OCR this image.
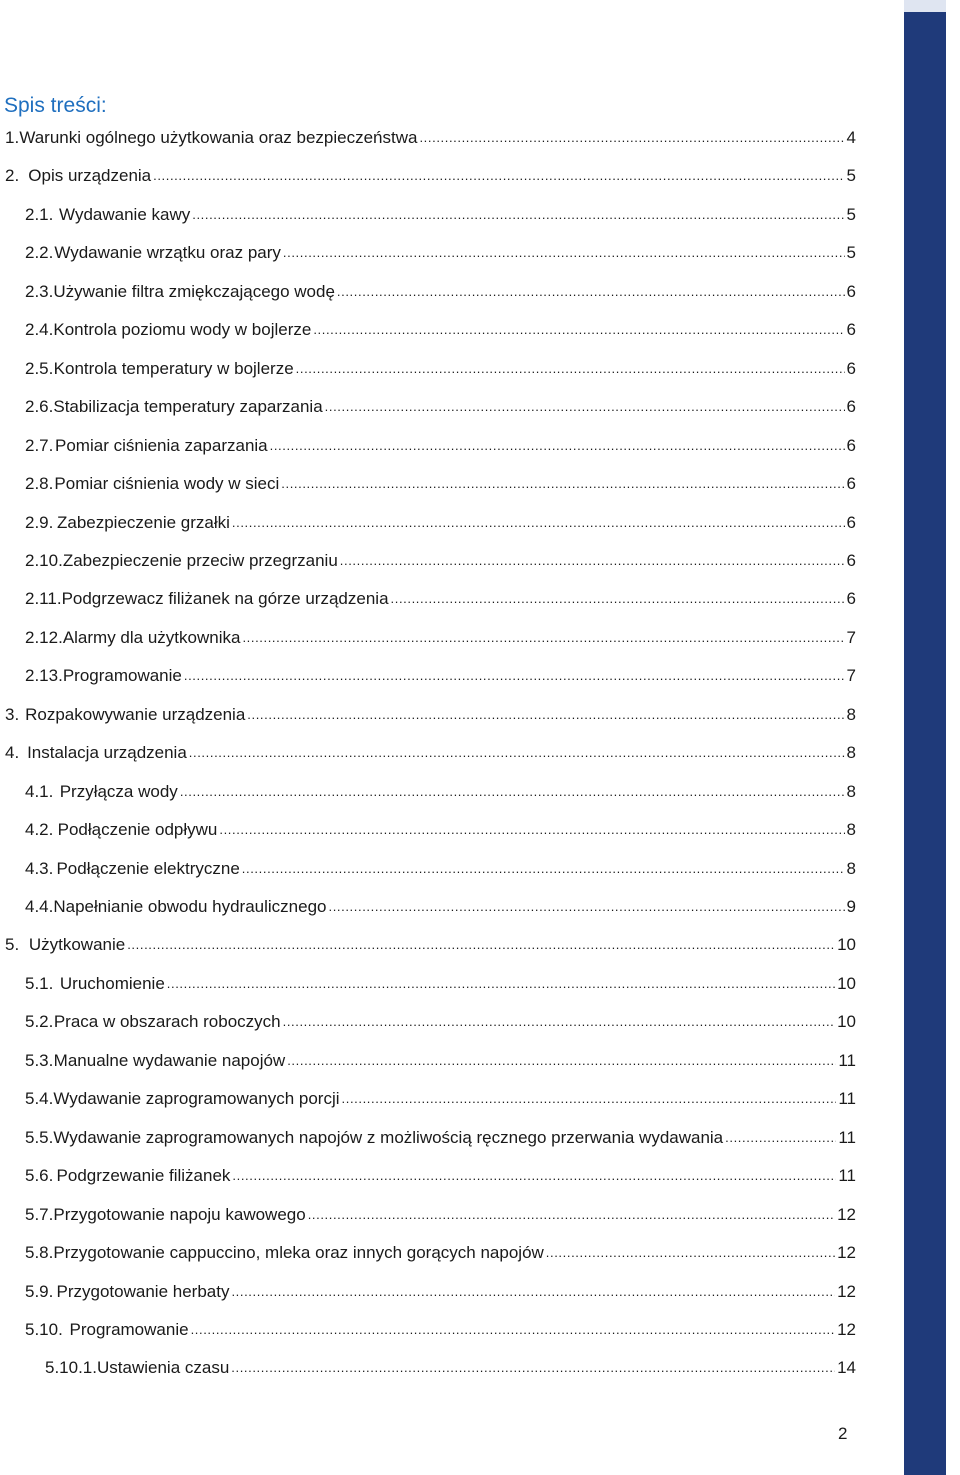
Spis treści:
1. Warunki ogólnego użytkowania oraz bezpieczeństwa .....	4
2. Opis urządzenia .....	5
2.1. Wydawanie kawy .....	5
2.2. Wydawanie wrzątku oraz pary .....	5
2.3. Używanie filtra zmiękczającego wodę .....	6
2.4. Kontrola poziomu wody w bojlerze .....	6
2.5. Kontrola temperatury w bojlerze .....	6
2.6. Stabilizacja temperatury zaparzania .....	6
2.7. Pomiar ciśnienia zaparzania .....	6
2.8. Pomiar ciśnienia wody w sieci .....	6
2.9. Zabezpieczenie grzałki .....	6
2.10. Zabezpieczenie przeciw przegrzaniu .....	6
2.11. Podgrzewacz filiżanek na górze urządzenia .....	6
2.12. Alarmy dla użytkownika .....	7
2.13. Programowanie .....	7
3. Rozpakowywanie urządzenia .....	8
4. Instalacja urządzenia .....	8
4.1. Przyłącza wody .....	8
4.2. Podłączenie odpływu .....	8
4.3. Podłączenie elektryczne .....	8
4.4. Napełnianie obwodu hydraulicznego .....	9
5. Użytkowanie .....	10
5.1. Uruchomienie .....	10
5.2. Praca w obszarach roboczych .....	10
5.3. Manualne wydawanie napojów .....	11
5.4. Wydawanie zaprogramowanych porcji .....	11
5.5. Wydawanie zaprogramowanych napojów z możliwością ręcznego przerwania wydawania .....	11
5.6. Podgrzewanie filiżanek .....	11
5.7. Przygotowanie napoju kawowego .....	12
5.8. Przygotowanie cappuccino, mleka oraz innych gorących napojów .....	12
5.9. Przygotowanie herbaty .....	12
5.10. Programowanie .....	12
5.10.1. Ustawienia czasu .....	14
2
